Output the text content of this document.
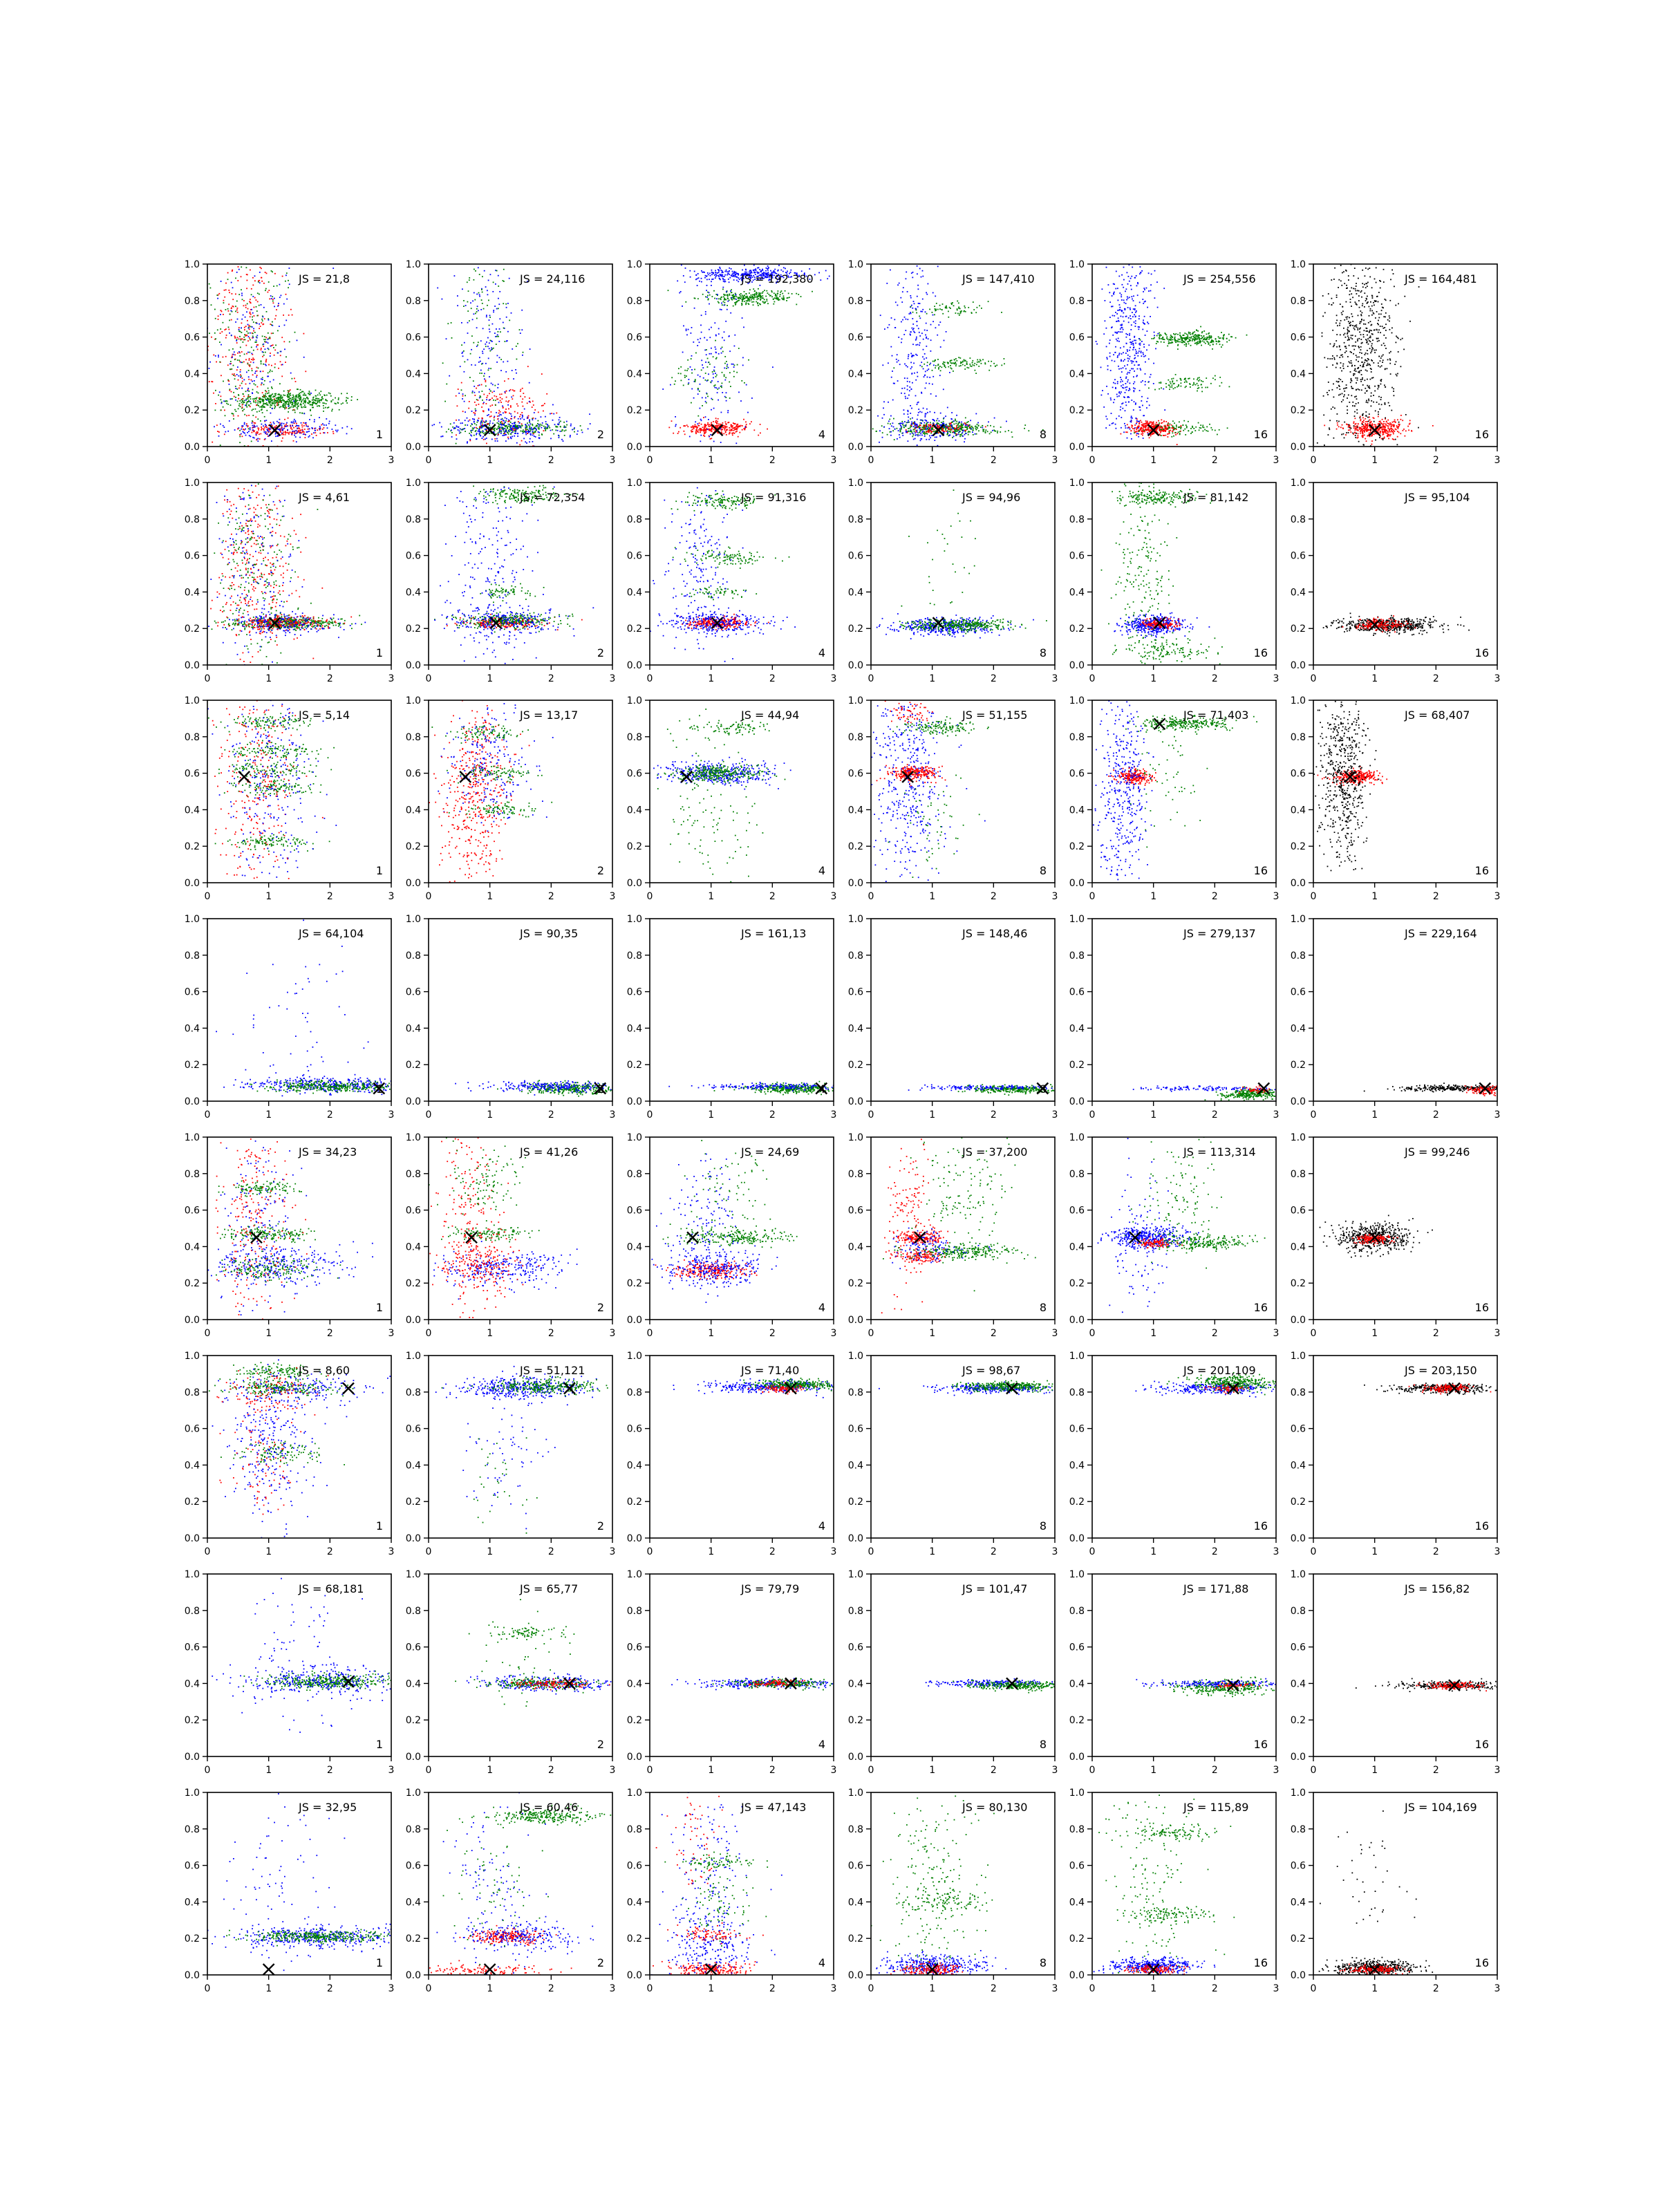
0	1	2	3
0.0
0.2
0.4
0.6
0.8
1.0
JS = 21,8
1
0	1	2	3
0.0
0.2
0.4
0.6
0.8
1.0
JS = 24,116
2
0	1	2	3
0.0
0.2
0.4
0.6
0.8
1.0
JS = 192,380
4
0	1	2	3
0.0
0.2
0.4
0.6
0.8
1.0
JS = 147,410
8
0	1	2	3
0.0
0.2
0.4
0.6
0.8
1.0
JS = 254,556
16
0	1	2	3
0.0
0.2
0.4
0.6
0.8
1.0
JS = 164,481
16
0	1	2	3
0.0
0.2
0.4
0.6
0.8
1.0
JS = 4,61
1
0	1	2	3
0.0
0.2
0.4
0.6
0.8
1.0
JS = 72,354
2
0	1	2	3
0.0
0.2
0.4
0.6
0.8
1.0
JS = 91,316
4
0	1	2	3
0.0
0.2
0.4
0.6
0.8
1.0
JS = 94,96
8
0	1	2	3
0.0
0.2
0.4
0.6
0.8
1.0
JS = 81,142
16
0	1	2	3
0.0
0.2
0.4
0.6
0.8
1.0
JS = 95,104
16
0	1	2	3
0.0
0.2
0.4
0.6
0.8
1.0
JS = 5,14
1
0	1	2	3
0.0
0.2
0.4
0.6
0.8
1.0
JS = 13,17
2
0	1	2	3
0.0
0.2
0.4
0.6
0.8
1.0
JS = 44,94
4
0	1	2	3
0.0
0.2
0.4
0.6
0.8
1.0
JS = 51,155
8
0	1	2	3
0.0
0.2
0.4
0.6
0.8
1.0
JS = 71,403
16
0	1	2	3
0.0
0.2
0.4
0.6
0.8
1.0
JS = 68,407
16
0	1	2	3
0.0
0.2
0.4
0.6
0.8
1.0
JS = 64,104
1
0	1	2	3
0.0
0.2
0.4
0.6
0.8
1.0
JS = 90,35
2
0	1	2	3
0.0
0.2
0.4
0.6
0.8
1.0
JS = 161,13
4
0	1	2	3
0.0
0.2
0.4
0.6
0.8
1.0
JS = 148,46
8
0	1	2	3
0.0
0.2
0.4
0.6
0.8
1.0
JS = 279,137
0	1	2	3
0.0
0.2
0.4
0.6
0.8
1.0
JS = 229,164
0	1	2	3
0.0
0.2
0.4
0.6
0.8
1.0
JS = 34,23
1
0	1	2	3
0.0
0.2
0.4
0.6
0.8
1.0
JS = 41,26
2
0	1	2	3
0.0
0.2
0.4
0.6
0.8
1.0
JS = 24,69
4
0	1	2	3
0.0
0.2
0.4
0.6
0.8
1.0
JS = 37,200
8
0	1	2	3
0.0
0.2
0.4
0.6
0.8
1.0
JS = 113,314
16
0	1	2	3
0.0
0.2
0.4
0.6
0.8
1.0
JS = 99,246
16
0	1	2	3
0.0
0.2
0.4
0.6
0.8
1.0
JS = 8,60
1
0	1	2	3
0.0
0.2
0.4
0.6
0.8
1.0
JS = 51,121
2
0	1	2	3
0.0
0.2
0.4
0.6
0.8
1.0
JS = 71,40
4
0	1	2	3
0.0
0.2
0.4
0.6
0.8
1.0
JS = 98,67
8
0	1	2	3
0.0
0.2
0.4
0.6
0.8
1.0
JS = 201,109
16
0	1	2	3
0.0
0.2
0.4
0.6
0.8
1.0
JS = 203,150
16
0	1	2	3
0.0
0.2
0.4
0.6
0.8
1.0
JS = 68,181
1
0	1	2	3
0.0
0.2
0.4
0.6
0.8
1.0
JS = 65,77
2
0	1	2	3
0.0
0.2
0.4
0.6
0.8
1.0
JS = 79,79
4
0	1	2	3
0.0
0.2
0.4
0.6
0.8
1.0
JS = 101,47
8
0	1	2	3
0.0
0.2
0.4
0.6
0.8
1.0
JS = 171,88
16
0	1	2	3
0.0
0.2
0.4
0.6
0.8
1.0
JS = 156,82
16
0	1	2	3
0.0
0.2
0.4
0.6
0.8
1.0
JS = 32,95
1
0	1	2	3
0.0
0.2
0.4
0.6
0.8
1.0
JS = 60,46
2
0	1	2	3
0.0
0.2
0.4
0.6
0.8
1.0
JS = 47,143
4
0	1	2	3
0.0
0.2
0.4
0.6
0.8
1.0
JS = 80,130
8
0	1	2	3
0.0
0.2
0.4
0.6
0.8
1.0
JS = 115,89
16
0	1	2	3
0.0
0.2
0.4
0.6
0.8
1.0
JS = 104,169
16
